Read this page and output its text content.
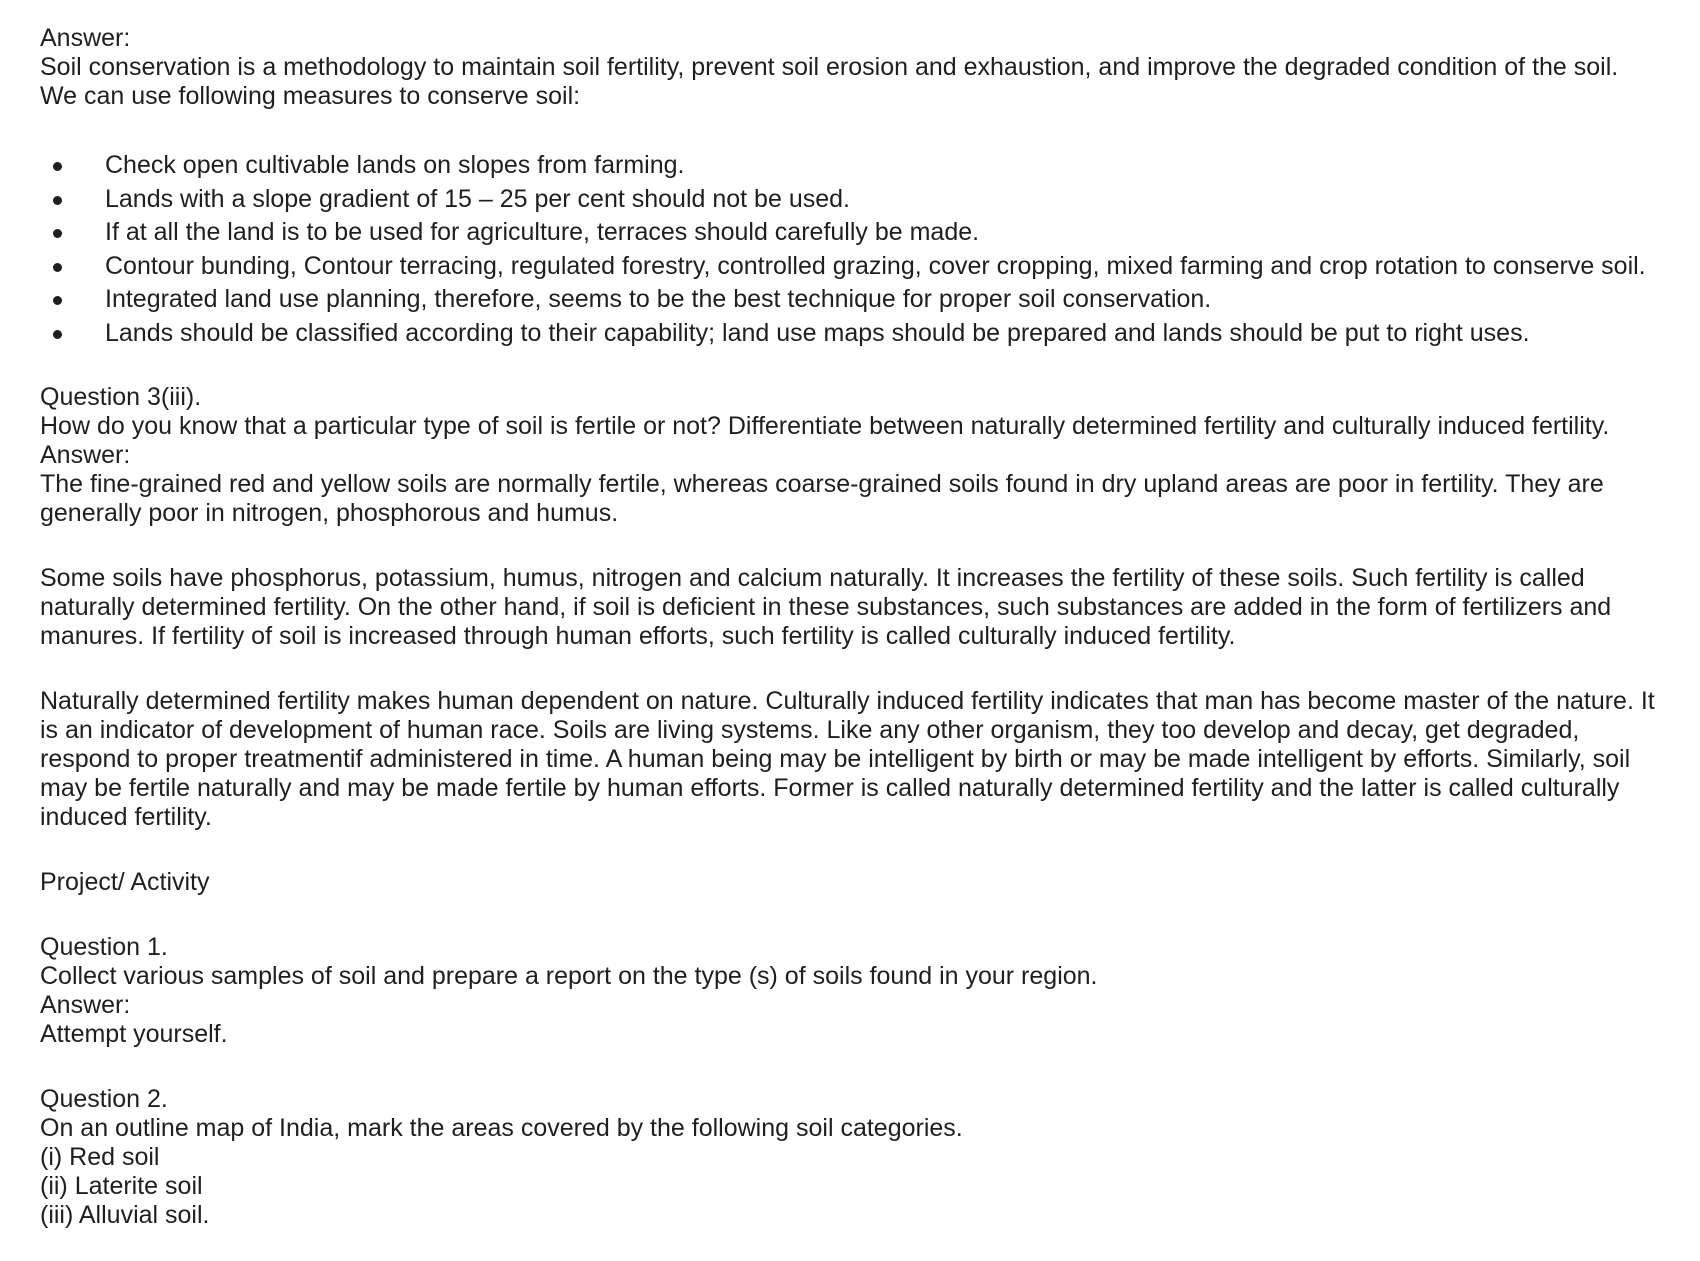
Answer:
Soil conservation is a methodology to maintain soil fertility, prevent soil erosion and exhaustion, and improve the degraded condition of the soil.
We can use following measures to conserve soil:
Check open cultivable lands on slopes from farming.
Lands with a slope gradient of 15 – 25 per cent should not be used.
If at all the land is to be used for agriculture, terraces should carefully be made.
Contour bunding, Contour terracing, regulated forestry, controlled grazing, cover cropping, mixed farming and crop rotation to conserve soil.
Integrated land use planning, therefore, seems to be the best technique for proper soil conservation.
Lands should be classified according to their capability; land use maps should be prepared and lands should be put to right uses.
Question 3(iii).
How do you know that a particular type of soil is fertile or not? Differentiate between naturally determined fertility and culturally induced fertility.
Answer:
The fine-grained red and yellow soils are normally fertile, whereas coarse-grained soils found in dry upland areas are poor in fertility. They are
generally poor in nitrogen, phosphorous and humus.
Some soils have phosphorus, potassium, humus, nitrogen and calcium naturally. It increases the fertility of these soils. Such fertility is called
naturally determined fertility. On the other hand, if soil is deficient in these substances, such substances are added in the form of fertilizers and
manures. If fertility of soil is increased through human efforts, such fertility is called culturally induced fertility.
Naturally determined fertility makes human dependent on nature. Culturally induced fertility indicates that man has become master of the nature. It
is an indicator of development of human race. Soils are living systems. Like any other organism, they too develop and decay, get degraded,
respond to proper treatmentif administered in time. A human being may be intelligent by birth or may be made intelligent by efforts. Similarly, soil
may be fertile naturally and may be made fertile by human efforts. Former is called naturally determined fertility and the latter is called culturally
induced fertility.
Project/ Activity
Question 1.
Collect various samples of soil and prepare a report on the type (s) of soils found in your region.
Answer:
Attempt yourself.
Question 2.
On an outline map of India, mark the areas covered by the following soil categories.
(i) Red soil
(ii) Laterite soil
(iii) Alluvial soil.
